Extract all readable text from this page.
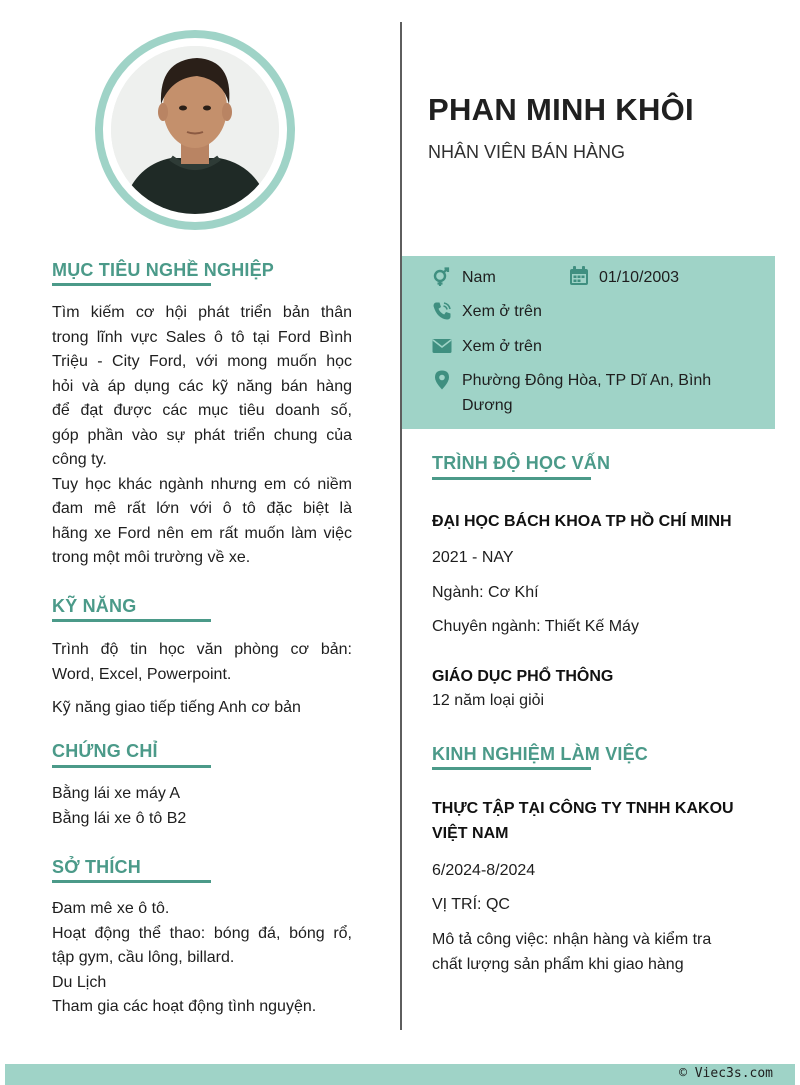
PHAN MINH KHÔI
NHÂN VIÊN BÁN HÀNG
Nam	01/10/2003
Xem ở trên
Xem ở trên
Phường Đông Hòa, TP Dĩ An, Bình
Dương
MỤC TIÊU NGHỀ NGHIỆP
Tìm kiếm cơ hội phát triển bản thân
trong lĩnh vực Sales ô tô tại Ford Bình
Triệu - City Ford, với mong muốn học
hỏi và áp dụng các kỹ năng bán hàng
để đạt được các mục tiêu doanh số,
góp phần vào sự phát triển chung của
công ty.
Tuy học khác ngành nhưng em có niềm
đam mê rất lớn với ô tô đặc biệt là
hãng xe Ford nên em rất muốn làm việc
trong một môi trường về xe.
KỸ NĂNG
Trình độ tin học văn phòng cơ bản:
Word, Excel, Powerpoint.
Kỹ năng giao tiếp tiếng Anh cơ bản
CHỨNG CHỈ
Bằng lái xe máy A
Bằng lái xe ô tô B2
SỞ THÍCH
Đam mê xe ô tô.
Hoạt động thể thao: bóng đá, bóng rổ,
tập gym, cầu lông, billard.
Du Lịch
Tham gia các hoạt động tình nguyện.
TRÌNH ĐỘ HỌC VẤN
ĐẠI HỌC BÁCH KHOA TP HỒ CHÍ MINH
2021 - NAY
Ngành: Cơ Khí
Chuyên ngành: Thiết Kế Máy
GIÁO DỤC PHỔ THÔNG
12 năm loại giỏi
KINH NGHIỆM LÀM VIỆC
THỰC TẬP TẠI CÔNG TY TNHH KAKOU
VIỆT NAM
6/2024-8/2024
VỊ TRÍ: QC
Mô tả công việc: nhận hàng và kiểm tra
chất lượng sản phẩm khi giao hàng
© Viec3s.com
